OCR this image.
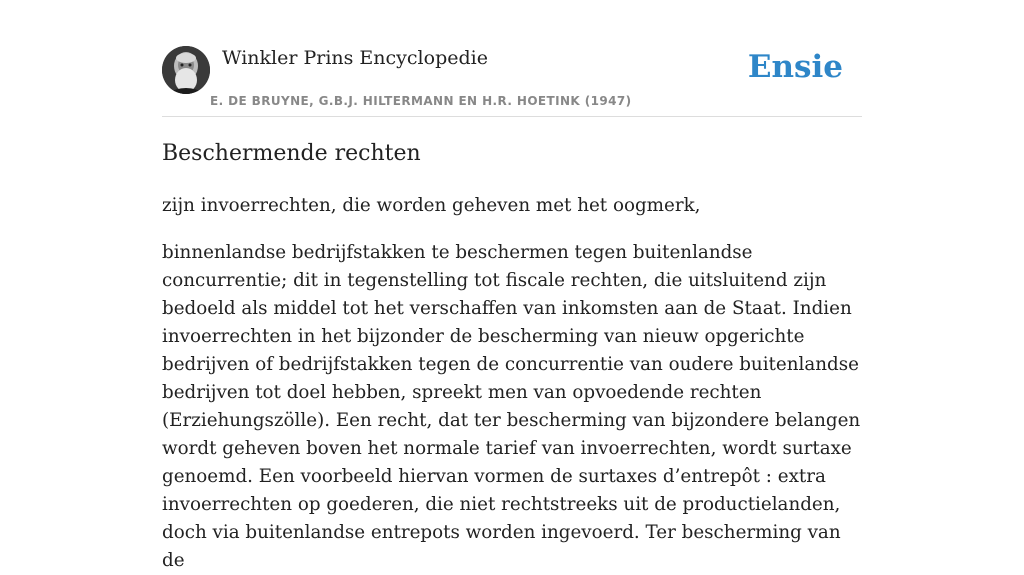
Winkler Prins Encyclopedie
E. DE BRUYNE, G.B.J. HILTERMANN EN H.R. HOETINK (1947)
Ensie
Beschermende rechten

zijn invoerrechten, die worden geheven met het oogmerk,

binnenlandse bedrijfstakken te beschermen tegen buitenlandse concurrentie; dit in tegenstelling tot fiscale rechten, die uitsluitend zijn bedoeld als middel tot het verschaffen van inkomsten aan de Staat. Indien invoerrechten in het bijzonder de bescherming van nieuw opgerichte bedrijven of bedrijfstakken tegen de concurrentie van oudere buitenlandse bedrijven tot doel hebben, spreekt men van opvoedende rechten (Erziehungszölle). Een recht, dat ter bescherming van bijzondere belangen wordt geheven boven het normale tarief van invoerrechten, wordt surtaxe genoemd. Een voorbeeld hiervan vormen de surtaxes d’entrepôt : extra invoerrechten op goederen, die niet rechtstreeks uit de productielanden, doch via buitenlandse entrepots worden ingevoerd. Ter bescherming van de
